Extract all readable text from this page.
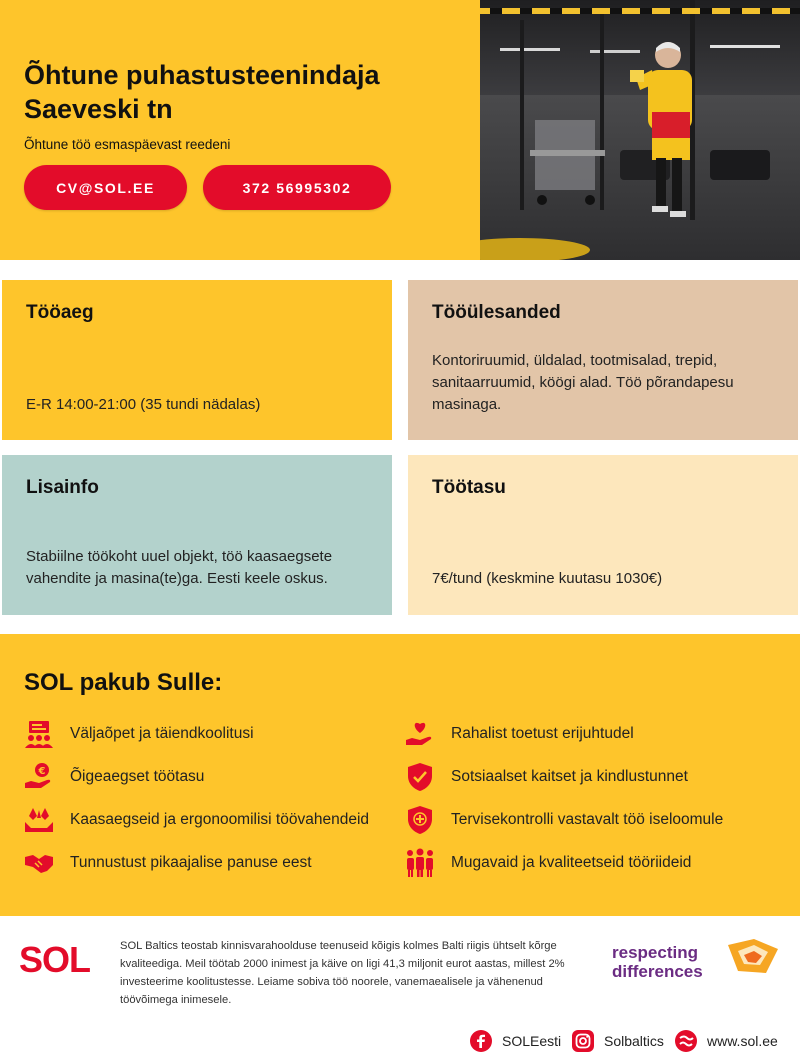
Õhtune puhastusteenindaja Saeveski tn
Õhtune töö esmaspäevast reedeni
CV@SOL.EE	372 56995302
Tööaeg

E-R 14:00-21:00 (35 tundi nädalas)

Tööülesanded

Kontoriruumid, üldalad, tootmisalad, trepid, sanitaarruumid, köögi alad. Töö põrandapesu masinaga.

Lisainfo

Stabiilne töökoht uuel objekt, töö kaasaegsete vahendite ja masina(te)ga. Eesti keele oskus.

Töötasu

7€/tund (keskmine kuutasu 1030€)

SOL pakub Sulle:
Väljaõpet ja täiendkoolitusi
€ Õigeaegset töötasu
Kaasaegseid ja ergonoomilisi töövahendeid
Tunnustust pikaajalise panuse eest
Rahalist toetust erijuhtudel
Sotsiaalset kaitset ja kindlustunnet
Tervisekontrolli vastavalt töö iseloomule
Mugavaid ja kvaliteetseid tööriideid
SOL	SOL Baltics teostab kinnisvarahoolduse teenuseid kõigis kolmes Balti riigis ühtselt kõrge kvaliteediga. Meil töötab 2000 inimest ja käive on ligi 41,3 miljonit eurot aastas, millest 2% investeerime koolitustesse. Leiame sobiva töö noorele, vanemaealisele ja vähenenud töövõimega inimesele.
respecting
differences
SOLEesti	Solbaltics	www.sol.ee
